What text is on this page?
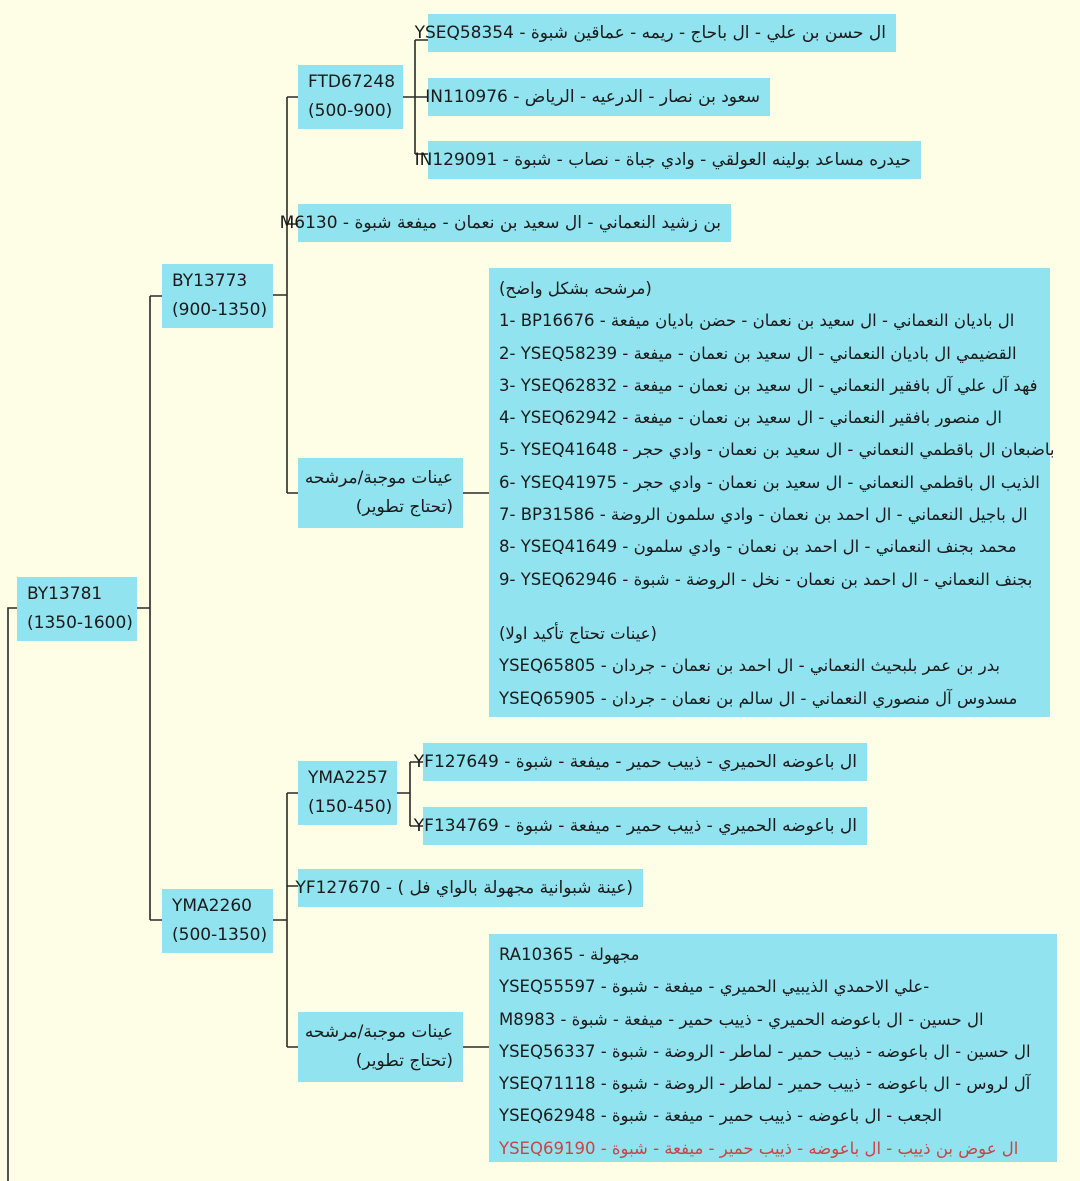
BY13781
(1350-1600)
BY13773
(900-1350)
FTD67248
(500-900)
ال حسن بن علي - ال باحاج - ريمه - عماقين شبوة - YSEQ58354
سعود بن نصار - الدرعيه - الرياض - IN110976
حيدره مساعد بولينه العولقي - وادي جباة - نصاب - شبوة - IN129091
بن زشيد النعماني - ال سعيد بن نعمان - ميفعة شبوة - M6130
عينات موجبة/مرشحه
(تحتاج تطوير)
(مرشحه بشكل واضح)
1- BP16676 - ال باديان النعماني - ال سعيد بن نعمان - حضن باديان ميفعة
2- YSEQ58239 - القضيمي ال باديان النعماني - ال سعيد بن نعمان - ميفعة
3- YSEQ62832 - فهد آل علي آل بافقير النعماني - ال سعيد بن نعمان - ميفعة
4- YSEQ62942 - ال منصور بافقير النعماني - ال سعيد بن نعمان - ميفعة
5- YSEQ41648 - باضبعان ال باقطمي النعماني - ال سعيد بن نعمان - وادي حجر
6- YSEQ41975 - الذيب ال باقطمي النعماني - ال سعيد بن نعمان - وادي حجر
7- BP31586 - ال باجيل النعماني - ال احمد بن نعمان - وادي سلمون الروضة
8- YSEQ41649 - محمد بجنف النعماني - ال احمد بن نعمان - وادي سلمون
9- YSEQ62946 - بجنف النعماني - ال احمد بن نعمان - نخل - الروضة - شبوة
(عينات تحتاج تأكيد اولا)
YSEQ65805 - بدر بن عمر بلبحيث النعماني - ال احمد بن نعمان - جردان
YSEQ65905 - مسدوس آل منصوري النعماني - ال سالم بن نعمان - جردان
YMA2260
(500-1350)
YMA2257
(150-450)
ال باعوضه الحميري - ذييب حمير - ميفعة - شبوة - YF127649
ال باعوضه الحميري - ذييب حمير - ميفعة - شبوة - YF134769
(عينة شبوانية مجهولة بالواي فل ) - YF127670
عينات موجبة/مرشحه
(تحتاج تطوير)
RA10365 - مجهولة
YSEQ55597 - علي الاحمدي الذيبيي الحميري - ميفعة - شبوة-
M8983 - ال حسين - ال باعوضه الحميري - ذييب حمير - ميفعة - شبوة
YSEQ56337 - ال حسين - ال باعوضه - ذييب حمير - لماطر - الروضة - شبوة
YSEQ71118 - آل لروس - ال باعوضه - ذييب حمير - لماطر - الروضة - شبوة
YSEQ62948 - الجعب - ال باعوضه - ذييب حمير - ميفعة - شبوة
YSEQ69190 - ال عوض بن ذييب - ال باعوضه - ذييب حمير - ميفعة - شبوة
